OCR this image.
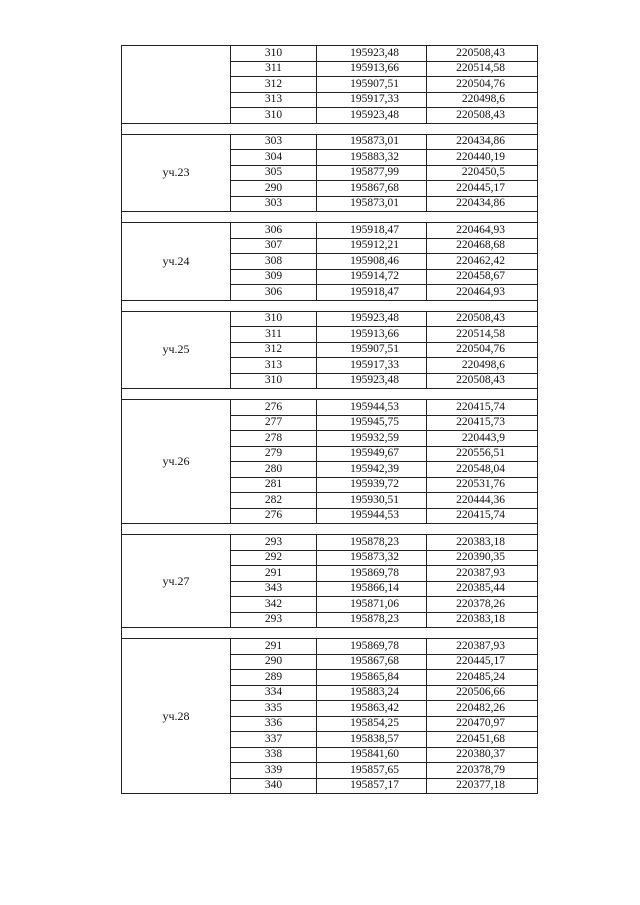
	310	195923,48	220508,43
	311	195913,66	220514,58
	312	195907,51	220504,76
	313	195917,33	220498,6
	310	195923,48	220508,43

уч.23	303	195873,01	220434,86
	304	195883,32	220440,19
	305	195877,99	220450,5
	290	195867,68	220445,17
	303	195873,01	220434,86

уч.24	306	195918,47	220464,93
	307	195912,21	220468,68
	308	195908,46	220462,42
	309	195914,72	220458,67
	306	195918,47	220464,93

уч.25	310	195923,48	220508,43
	311	195913,66	220514,58
	312	195907,51	220504,76
	313	195917,33	220498,6
	310	195923,48	220508,43

уч.26	276	195944,53	220415,74
	277	195945,75	220415,73
	278	195932,59	220443,9
	279	195949,67	220556,51
	280	195942,39	220548,04
	281	195939,72	220531,76
	282	195930,51	220444,36
	276	195944,53	220415,74

уч.27	293	195878,23	220383,18
	292	195873,32	220390,35
	291	195869,78	220387,93
	343	195866,14	220385,44
	342	195871,06	220378,26
	293	195878,23	220383,18

уч.28	291	195869,78	220387,93
	290	195867,68	220445,17
	289	195865,84	220485,24
	334	195883,24	220506,66
	335	195863,42	220482,26
	336	195854,25	220470,97
	337	195838,57	220451,68
	338	195841,60	220380,37
	339	195857,65	220378,79
	340	195857,17	220377,18
